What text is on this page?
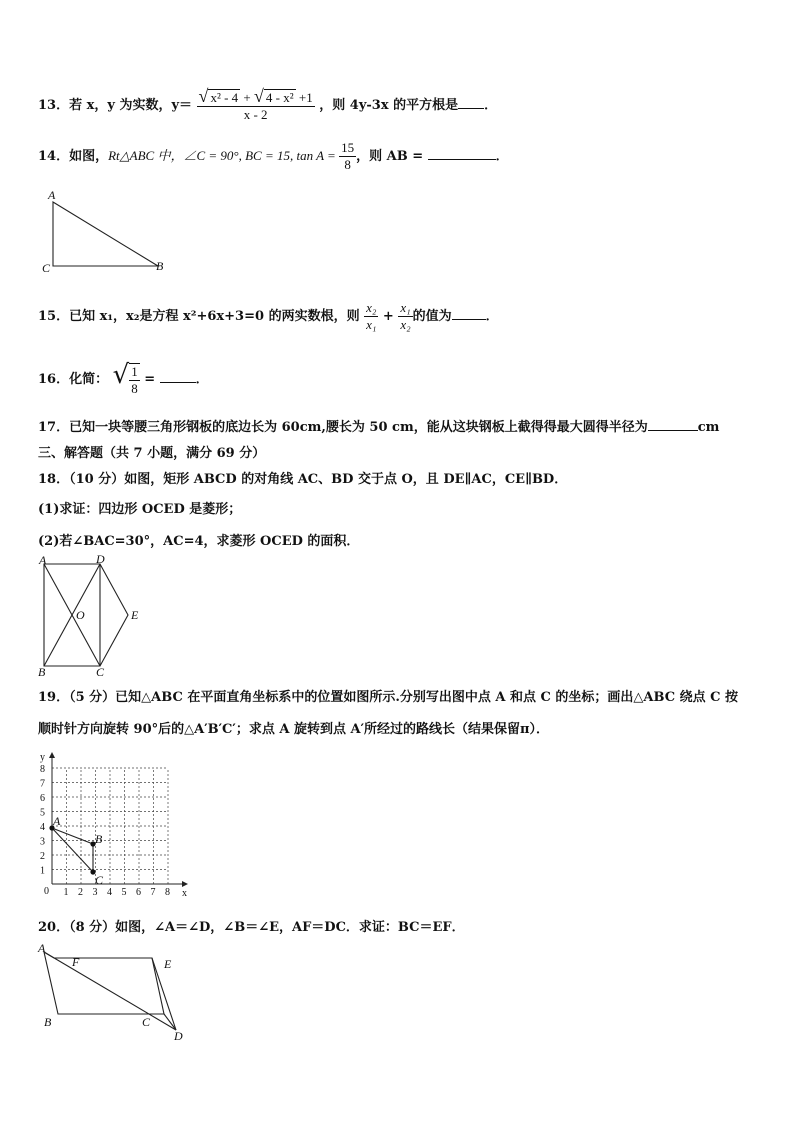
13．若 x，y 为实数，$y= \frac{\text{√ x² - 4 + √ 4 - x² +1}}{x - 2}$ ，则 4y-3x 的平方根是 ．
14．如图，Rt△ABC 中，∠C = 90°, BC = 15, $\tan A = \frac{15}{8}$ ，则 AB =	．
A
C	B
15．已知 x₁，x₂是方程 x²+6x+3=0 的两实数根，则 $\frac{\text{x₂}}{\text{x₁}} + \frac{\text{x₁}}{\text{x₂}}$ 的值为	．
16．化简： √ $\frac{1}{8}$ =	．
17．已知一块等腰三角形钢板的底边长为 60cm,腰长为 50 cm，能从这块钢板上截得得最大圆得半径为	cm
三、解答题（共 7 小题，满分 69 分）
18．（10 分）如图，矩形 ABCD 的对角线 AC、BD 交于点 O，且 DE∥AC，CE∥BD．
(1)求证：四边形 OCED 是菱形；
(2)若∠BAC=30°，AC=4，求菱形 OCED 的面积．
A	D
O	E
B	C
19．（5 分）已知△ABC 在平面直角坐标系中的位置如图所示.分别写出图中点 A 和点 C 的坐标；画出△ABC 绕点 C 按
顺时针方向旋转 90°后的△A′B′C′；求点 A 旋转到点 A′所经过的路线长（结果保留π）．
1 2 3 4 5 6 7 8
1
2
3
4
5
6
7
8
x
y
0
A
B
C
20．（8 分）如图，∠A＝∠D，∠B＝∠E，AF＝DC．求证：BC＝EF．
A
F	E
B	C
D
